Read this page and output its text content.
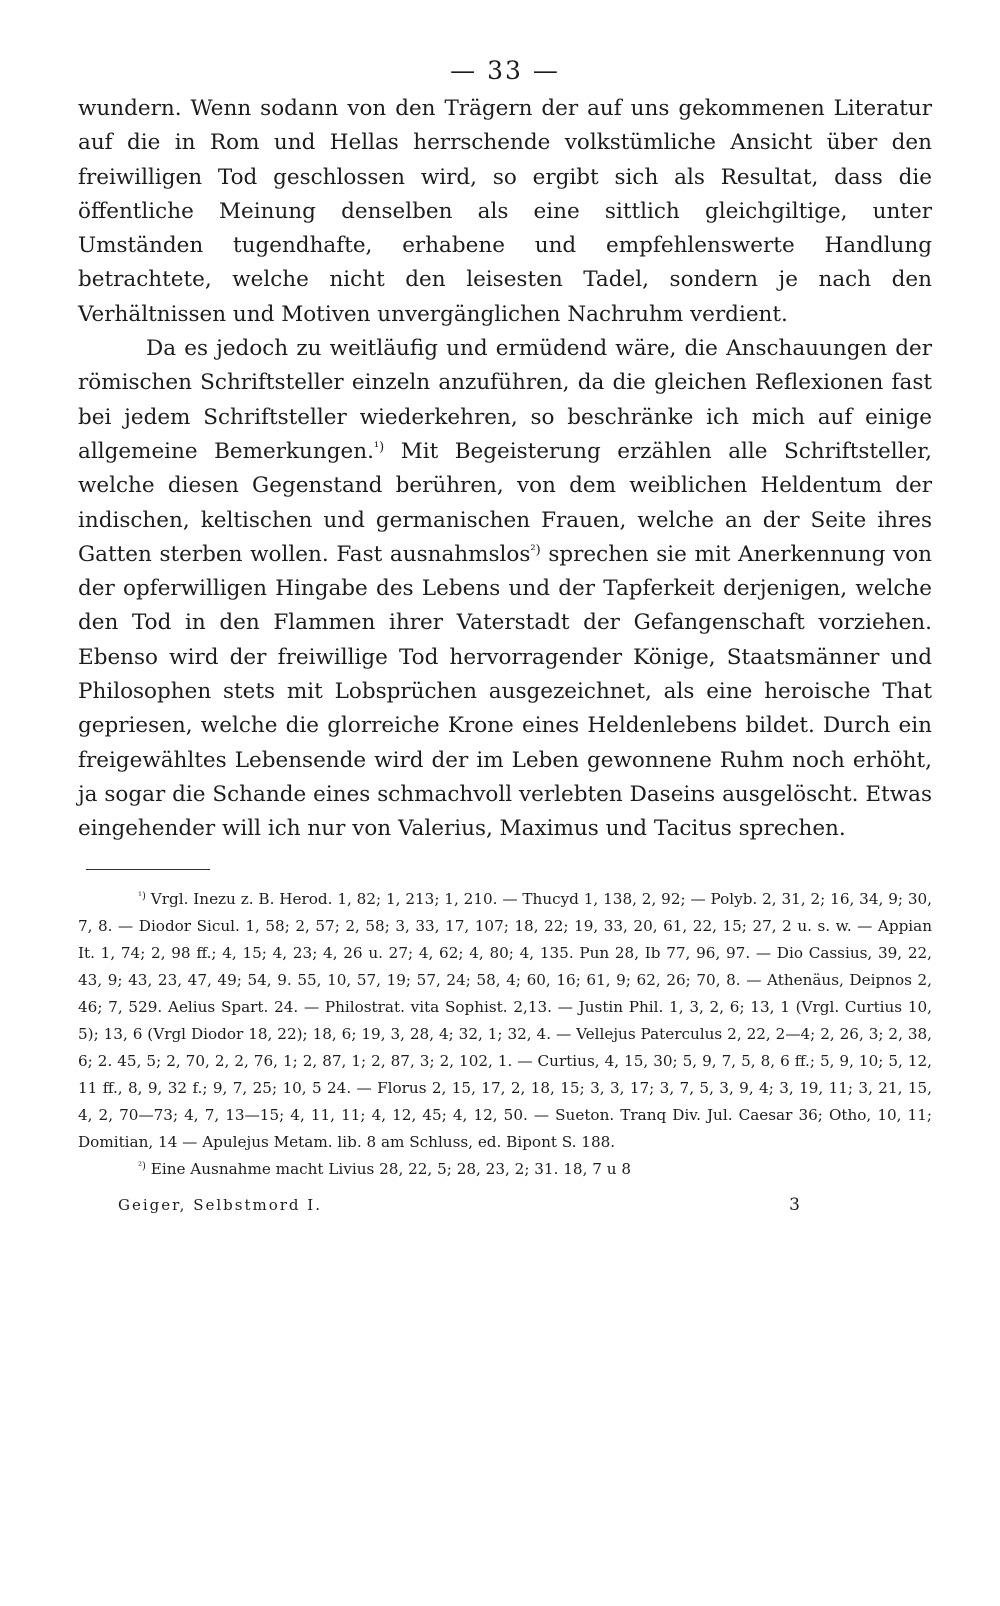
— 33 —

wundern. Wenn sodann von den Trägern der auf uns gekommenen Literatur auf die in Rom und Hellas herrschende volkstümliche Ansicht über den freiwilligen Tod geschlossen wird, so ergibt sich als Resultat, dass die öffentliche Meinung denselben als eine sittlich gleichgiltige, unter Umständen tugendhafte, erhabene und empfehlenswerte Handlung betrachtete, welche nicht den leisesten Tadel, sondern je nach den Verhältnissen und Motiven unvergänglichen Nachruhm verdient.

Da es jedoch zu weitläufig und ermüdend wäre, die Anschauungen der römischen Schriftsteller einzeln anzuführen, da die gleichen Reflexionen fast bei jedem Schriftsteller wiederkehren, so beschränke ich mich auf einige allgemeine Bemerkungen.$^{^1)}$ Mit Begeisterung erzählen alle Schriftsteller, welche diesen Gegenstand berühren, von dem weiblichen Heldentum der indischen, keltischen und germanischen Frauen, welche an der Seite ihres Gatten sterben wollen. Fast ausnahmslos$^{^2)}$ sprechen sie mit Anerkennung von der opferwilligen Hingabe des Lebens und der Tapferkeit derjenigen, welche den Tod in den Flammen ihrer Vaterstadt der Gefangenschaft vorziehen. Ebenso wird der freiwillige Tod hervorragender Könige, Staatsmänner und Philosophen stets mit Lobsprüchen ausgezeichnet, als eine heroische That gepriesen, welche die glorreiche Krone eines Heldenlebens bildet. Durch ein freigewähltes Lebensende wird der im Leben gewonnene Ruhm noch erhöht, ja sogar die Schande eines schmachvoll verlebten Daseins ausgelöscht. Etwas eingehender will ich nur von Valerius, Maximus und Tacitus sprechen.

$^{^1)}$ Vrgl. Inezu z. B. Herod. 1, 82; 1, 213; 1, 210. — Thucyd 1, 138, 2, 92; — Polyb. 2, 31, 2; 16, 34, 9; 30, 7, 8. — Diodor Sicul. 1, 58; 2, 57; 2, 58; 3, 33, 17, 107; 18, 22; 19, 33, 20, 61, 22, 15; 27, 2 u. s. w. — Appian It. 1, 74; 2, 98 ff.; 4, 15; 4, 23; 4, 26 u. 27; 4, 62; 4, 80; 4, 135. Pun 28, Ib 77, 96, 97. — Dio Cassius, 39, 22, 43, 9; 43, 23, 47, 49; 54, 9. 55, 10, 57, 19; 57, 24; 58, 4; 60, 16; 61, 9; 62, 26; 70, 8. — Athenäus, Deipnos 2, 46; 7, 529. Aelius Spart. 24. — Philostrat. vita Sophist. 2,13. — Justin Phil. 1, 3, 2, 6; 13, 1 (Vrgl. Curtius 10, 5); 13, 6 (Vrgl Diodor 18, 22); 18, 6; 19, 3, 28, 4; 32, 1; 32, 4. — Vellejus Paterculus 2, 22, 2—4; 2, 26, 3; 2, 38, 6; 2. 45, 5; 2, 70, 2, 2, 76, 1; 2, 87, 1; 2, 87, 3; 2, 102, 1. — Curtius, 4, 15, 30; 5, 9, 7, 5, 8, 6 ff.; 5, 9, 10; 5, 12, 11 ff., 8, 9, 32 f.; 9, 7, 25; 10, 5 24. — Florus 2, 15, 17, 2, 18, 15; 3, 3, 17; 3, 7, 5, 3, 9, 4; 3, 19, 11; 3, 21, 15, 4, 2, 70—73; 4, 7, 13—15; 4, 11, 11; 4, 12, 45; 4, 12, 50. — Sueton. Tranq Div. Jul. Caesar 36; Otho, 10, 11; Domitian, 14 — Apulejus Metam. lib. 8 am Schluss, ed. Bipont S. 188.

$^{^2)}$ Eine Ausnahme macht Livius 28, 22, 5; 28, 23, 2; 31. 18, 7 u 8

Geiger, Selbstmord I.	3
